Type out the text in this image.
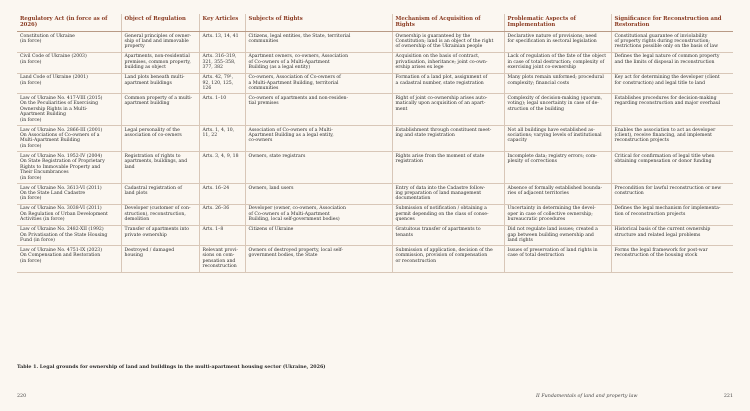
Regulatory Act (in force as of 2026)	Object of Regulation	Key Articles	Subjects of Rights	Mechanism of Acquisition of Rights	Problematic Aspects of Implementation	Significance for Reconstruction and Restoration
Constitution of Ukraine
(in force)	General principles of owner-
ship of land and immovable
property	Arts. 13, 14, 41	Citizens, legal entities, the State, territorial
communities	Ownership is guaranteed by the
Constitution; land is an object of the right
of ownership of the Ukrainian people	Declarative nature of provisions; need
for specification in sectoral legislation	Constitutional guarantee of inviolability
of property rights during reconstruction;
restrictions possible only on the basis of law
Civil Code of Ukraine (2003)
(in force)	Apartments, non-residential
premises, common property,
building as object	Arts. 316–319,
321, 355–358,
377, 382	Apartment owners, co-owners, Association
of Co-owners of a Multi-Apartment
Building (as a legal entity)	Acquisition on the basis of contract,
privatisation, inheritance; joint co-own-
ership arises ex lege	Lack of regulation of the fate of the object
in case of total destruction; complexity of
exercising joint co-ownership	Defines the legal nature of common property
and the limits of disposal in reconstruction
Land Code of Ukraine (2001)
(in force)	Land plots beneath multi-
apartment buildings	Arts. 42, 79¹,
92, 120, 125,
126	Co-owners, Association of Co-owners of
a Multi-Apartment Building, territorial
communities	Formation of a land plot, assignment of
a cadastral number, state registration	Many plots remain unformed; procedural
complexity; financial costs	Key act for determining the developer (client
for construction) and legal title to land
Law of Ukraine No. 417-VIII (2015)
On the Peculiarities of Exercising
Ownership Rights in a Multi-
Apartment Building
(in force)	Common property of a multi-
apartment building	Arts. 1–10	Co-owners of apartments and non-residen-
tial premises	Right of joint co-ownership arises auto-
matically upon acquisition of an apart-
ment	Complexity of decision-making (quorum,
voting); legal uncertainty in case of de-
struction of the building	Establishes procedures for decision-making
regarding reconstruction and major overhaul
Law of Ukraine No. 2866-III (2001)
On Associations of Co-owners of a
Multi-Apartment Building
(in force)	Legal personality of the
association of co-owners	Arts. 1, 4, 10,
11, 22	Association of Co-owners of a Multi-
Apartment Building as a legal entity,
co-owners	Establishment through constituent meet-
ing and state registration	Not all buildings have established as-
sociations; varying levels of institutional
capacity	Enables the association to act as developer
(client), receive financing, and implement
reconstruction projects
Law of Ukraine No. 1952-IV (2004)
On State Registration of Proprietary
Rights to Immovable Property and
Their Encumbrances
(in force)	Registration of rights to
apartments, buildings, and
land	Arts. 3, 4, 9, 18	Owners, state registrars	Rights arise from the moment of state
registration	Incomplete data; registry errors; com-
plexity of corrections	Critical for confirmation of legal title when
obtaining compensation or donor funding
Law of Ukraine No. 3613-VI (2011)
On the State Land Cadastre
(in force)	Cadastral registration of
land plots	Arts. 16–24	Owners, land users	Entry of data into the Cadastre follow-
ing preparation of land management
documentation	Absence of formally established bounda-
ries of adjacent territories	Precondition for lawful reconstruction or new
construction
Law of Ukraine No. 3038-VI (2011)
On Regulation of Urban Development
Activities (in force)	Developer (customer of con-
struction), reconstruction,
demolition	Arts. 26–36	Developer (owner, co-owners, Association
of Co-owners of a Multi-Apartment
Building, local self-government bodies)	Submission of notification / obtaining a
permit depending on the class of conse-
quences	Uncertainty in determining the devel-
oper in case of collective ownership;
bureaucratic procedures	Defines the legal mechanism for implementa-
tion of reconstruction projects
Law of Ukraine No. 2482-XII (1992)
On Privatisation of the State Housing
Fund (in force)	Transfer of apartments into
private ownership	Arts. 1–8	Citizens of Ukraine	Gratuitous transfer of apartments to
tenants	Did not regulate land issues; created a
gap between building ownership and
land rights	Historical basis of the current ownership
structure and related legal problems
Law of Ukraine No. 4751-IX (2023)
On Compensation and Restoration
(in force)	Destroyed / damaged
housing	Relevant provi-
sions on com-
pensation and
reconstruction	Owners of destroyed property, local self-
government bodies, the State	Submission of application, decision of the
commission, provision of compensation
or reconstruction	Issues of preservation of land rights in
case of total destruction	Forms the legal framework for post-war
reconstruction of the housing stock
Table 1. Legal grounds for ownership of land and buildings in the multi-apartment housing sector (Ukraine, 2026)
220	II Fundamentals of land and property law	221
